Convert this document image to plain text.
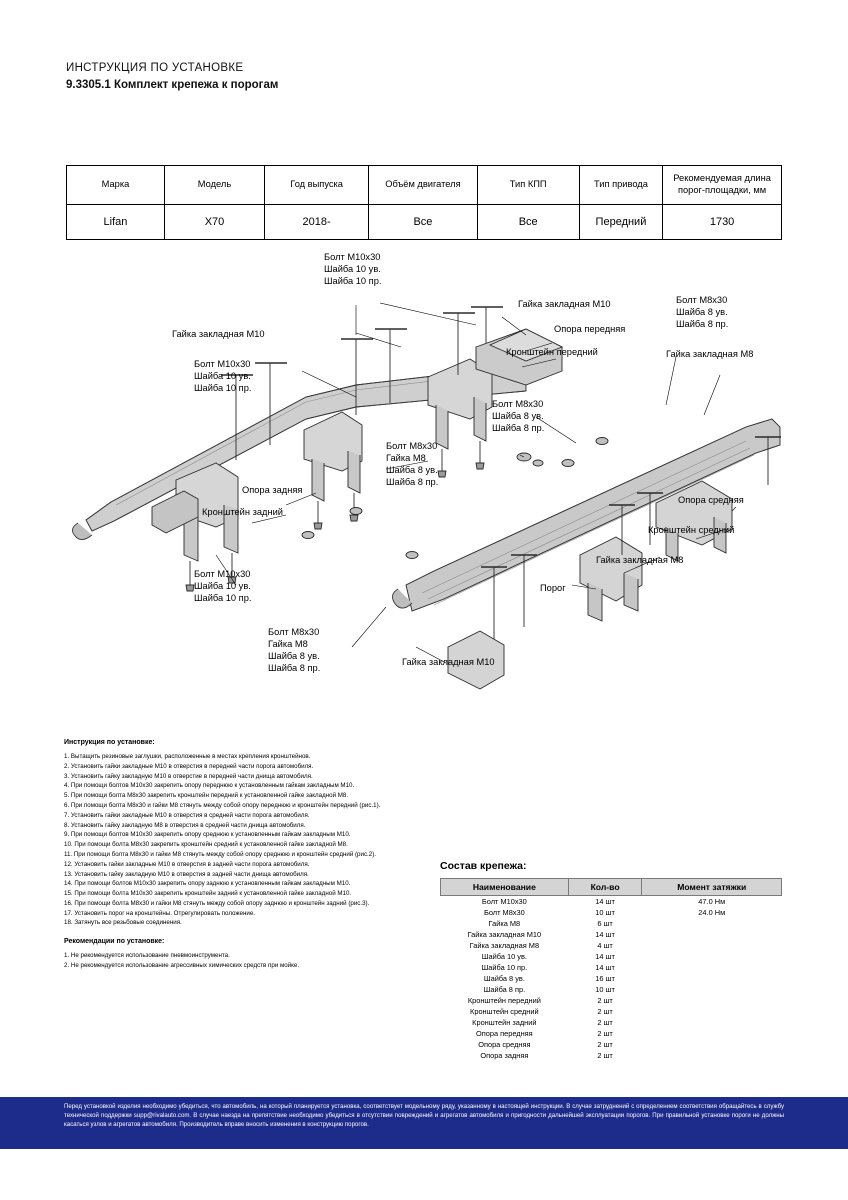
ИНСТРУКЦИЯ ПО УСТАНОВКЕ
9.3305.1 Комплект крепежа к порогам
Марка	Модель	Год выпуска	Объём двигателя	Тип КПП	Тип привода	Рекомендуемая длина порог-площадки, мм
Lifan	X70	2018-	Все	Все	Передний	1730
Болт М10х30
Шайба 10 ув.
Шайба 10 пр.
Гайка закладная М10
Опора передняя
Кронштейн передний
Болт М8х30
Шайба 8 ув.
Шайба 8 пр.
Гайка закладная М8
Гайка закладная М10
Болт М10х30
Шайба 10 ув.
Шайба 10 пр.
Болт М8х30
Шайба 8 ув.
Шайба 8 пр.
Болт М8х30
Гайка М8
Шайба 8 ув.
Шайба 8 пр.
Опора задняя
Кронштейн задний
Опора средняя
Кронштейн средний
Гайка закладная М8
Болт М10х30
Шайба 10 ув.
Шайба 10 пр.
Болт М8х30
Гайка М8
Шайба 8 ув.
Шайба 8 пр.
Гайка закладная М10
Порог
Инструкция по установке:

1. Вытащить резиновые заглушки, расположенные в местах крепления кронштейнов.

2. Установить гайки закладные М10 в отверстия в передней части порога автомобиля.

3. Установить гайку закладную М10 в отверстие в передней части днища автомобиля.

4. При помощи болтов М10х30 закрепить опору переднюю к установленным гайкам закладным М10.

5. При помощи болта М8х30 закрепить кронштейн передний к установленной гайке закладной М8.

6. При помощи болта М8х30 и гайки М8 стянуть между собой опору переднюю и кронштейн передний (рис.1).

7. Установить гайки закладные М10 в отверстия в средней части порога автомобиля.

8. Установить гайку закладную М8 в отверстия в средней части днища автомобиля.

9. При помощи болтов М10х30 закрепить опору среднюю к установленным гайкам закладным М10.

10. При помощи болта М8х30 закрепить кронштейн средний к установленной гайке закладной М8.

11. При помощи болта М8х30 и гайки М8 стянуть между собой опору среднюю и кронштейн средний (рис.2).

12. Установить гайки закладные М10 в отверстия в задней части порога автомобиля.

13. Установить гайку закладную М10 в отверстия в задней части днища автомобиля.

14. При помощи болтов М10х30 закрепить опору заднюю к установленным гайкам закладным М10.

15. При помощи болта М10х30 закрепить кронштейн задний к установленной гайке закладной М10.

16. При помощи болта М8х30 и гайки М8 стянуть между собой опору заднюю и кронштейн задний (рис.3).

17. Установить порог на кронштейны. Отрегулировать положение.

18. Затянуть все резьбовые соединения.

Рекомендации по установке:

1. Не рекомендуется использование пневмоинструмента.

2. Не рекомендуется использование агрессивных химических средств при мойке.

Состав крепежа:
Наименование	Кол-во	Момент затяжки
Болт М10х30	14 шт	47.0 Нм
Болт М8х30	10 шт	24.0 Нм
Гайка М8	6 шт	
Гайка закладная М10	14 шт	
Гайка закладная М8	4 шт	
Шайба 10 ув.	14 шт	
Шайба 10 пр.	14 шт	
Шайба 8 ув.	16 шт	
Шайба 8 пр.	10 шт	
Кронштейн передний	2 шт	
Кронштейн средний	2 шт	
Кронштейн задний	2 шт	
Опора передняя	2 шт	
Опора средняя	2 шт	
Опора задняя	2 шт	

Перед установкой изделия необходимо убедиться, что автомобиль, на который планируется установка, соответствует модельному ряду, указанному в настоящей инструкции. В случае затруднений с определением соответствия обращайтесь в службу технической поддержки supp@rivalauto.com. В случае наезда на препятствие необходимо убедиться в отсутствии повреждений и агрегатов автомобиля и пригодности дальнейшей эксплуатации порогов. При правильной установке пороги не должны касаться узлов и агрегатов автомобиля. Производитель вправе вносить изменения в конструкцию порогов.
